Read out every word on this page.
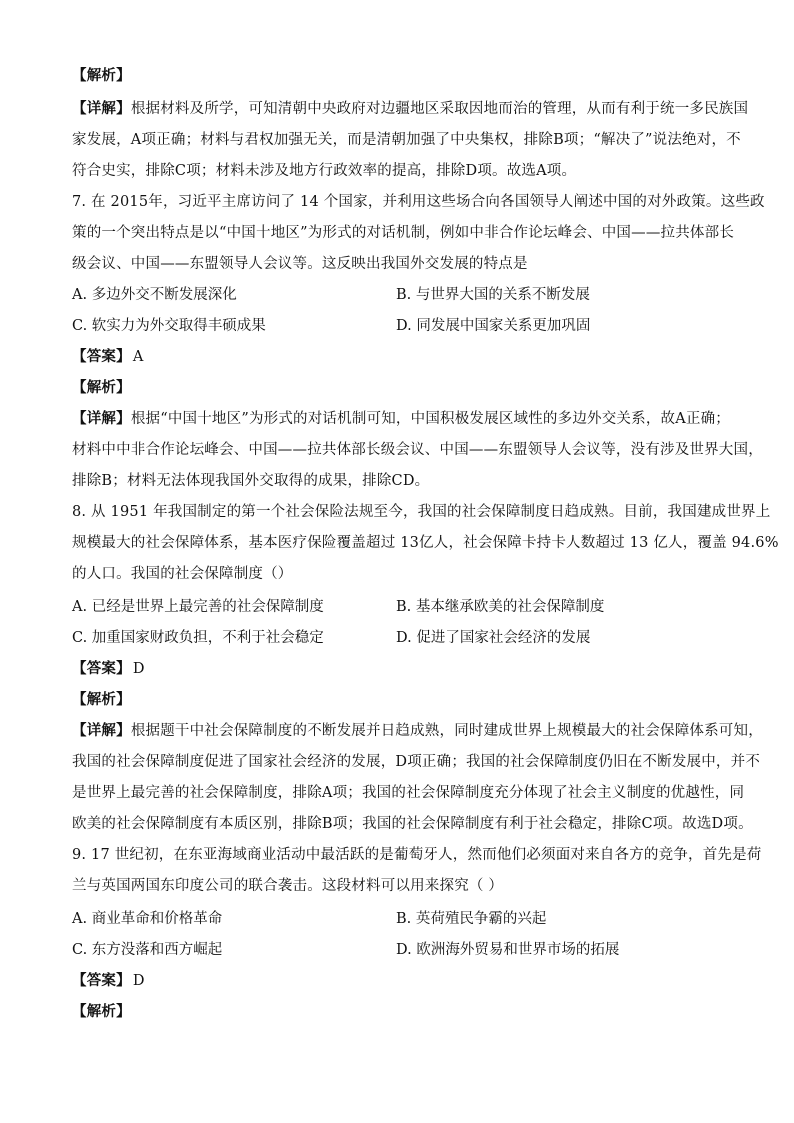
【解析】
【详解】根据材料及所学，可知清朝中央政府对边疆地区采取因地而治的管理，从而有利于统一多民族国
家发展，A项正确；材料与君权加强无关，而是清朝加强了中央集权，排除B项；“解决了”说法绝对，不
符合史实，排除C项；材料未涉及地方行政效率的提高，排除D项。故选A项。
7. 在 2015年，习近平主席访问了 14 个国家，并利用这些场合向各国领导人阐述中国的对外政策。这些政
策的一个突出特点是以“中国十地区”为形式的对话机制，例如中非合作论坛峰会、中国——拉共体部长
级会议、中国——东盟领导人会议等。这反映出我国外交发展的特点是
A. 多边外交不断发展深化	B. 与世界大国的关系不断发展
C. 软实力为外交取得丰硕成果	D. 同发展中国家关系更加巩固
【答案】 A
【解析】
【详解】根据“中国十地区”为形式的对话机制可知，中国积极发展区域性的多边外交关系，故A正确；
材料中中非合作论坛峰会、中国——拉共体部长级会议、中国——东盟领导人会议等，没有涉及世界大国，
排除B；材料无法体现我国外交取得的成果，排除CD。
8. 从 1951 年我国制定的第一个社会保险法规至今，我国的社会保障制度日趋成熟。目前，我国建成世界上
规模最大的社会保障体系，基本医疗保险覆盖超过 13亿人，社会保障卡持卡人数超过 13 亿人，覆盖 94.6%
的人口。我国的社会保障制度（）
A. 已经是世界上最完善的社会保障制度	B. 基本继承欧美的社会保障制度
C. 加重国家财政负担，不利于社会稳定	D. 促进了国家社会经济的发展
【答案】 D
【解析】
【详解】根据题干中社会保障制度的不断发展并日趋成熟，同时建成世界上规模最大的社会保障体系可知，
我国的社会保障制度促进了国家社会经济的发展，D项正确；我国的社会保障制度仍旧在不断发展中，并不
是世界上最完善的社会保障制度，排除A项；我国的社会保障制度充分体现了社会主义制度的优越性，同
欧美的社会保障制度有本质区别，排除B项；我国的社会保障制度有利于社会稳定，排除C项。故选D项。
9. 17 世纪初，在东亚海域商业活动中最活跃的是葡萄牙人，然而他们必须面对来自各方的竞争，首先是荷
兰与英国两国东印度公司的联合袭击。这段材料可以用来探究（ ）
A. 商业革命和价格革命	B. 英荷殖民争霸的兴起
C. 东方没落和西方崛起	D. 欧洲海外贸易和世界市场的拓展
【答案】 D
【解析】
